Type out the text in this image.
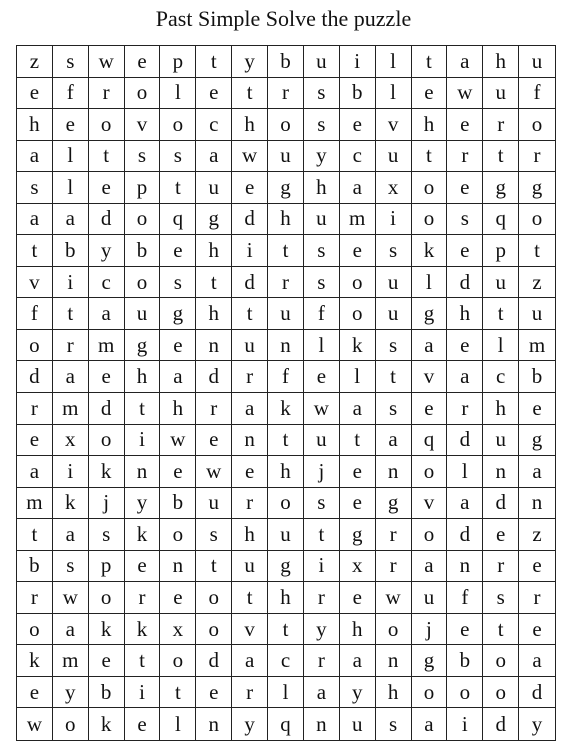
Past Simple Solve the puzzle
z	s	w	e	p	t	y	b	u	i	l	t	a	h	u
e	f	r	o	l	e	t	r	s	b	l	e	w	u	f
h	e	o	v	o	c	h	o	s	e	v	h	e	r	o
a	l	t	s	s	a	w	u	y	c	u	t	r	t	r
s	l	e	p	t	u	e	g	h	a	x	o	e	g	g
a	a	d	o	q	g	d	h	u	m	i	o	s	q	o
t	b	y	b	e	h	i	t	s	e	s	k	e	p	t
v	i	c	o	s	t	d	r	s	o	u	l	d	u	z
f	t	a	u	g	h	t	u	f	o	u	g	h	t	u
o	r	m	g	e	n	u	n	l	k	s	a	e	l	m
d	a	e	h	a	d	r	f	e	l	t	v	a	c	b
r	m	d	t	h	r	a	k	w	a	s	e	r	h	e
e	x	o	i	w	e	n	t	u	t	a	q	d	u	g
a	i	k	n	e	w	e	h	j	e	n	o	l	n	a
m	k	j	y	b	u	r	o	s	e	g	v	a	d	n
t	a	s	k	o	s	h	u	t	g	r	o	d	e	z
b	s	p	e	n	t	u	g	i	x	r	a	n	r	e
r	w	o	r	e	o	t	h	r	e	w	u	f	s	r
o	a	k	k	x	o	v	t	y	h	o	j	e	t	e
k	m	e	t	o	d	a	c	r	a	n	g	b	o	a
e	y	b	i	t	e	r	l	a	y	h	o	o	o	d
w	o	k	e	l	n	y	q	n	u	s	a	i	d	y
